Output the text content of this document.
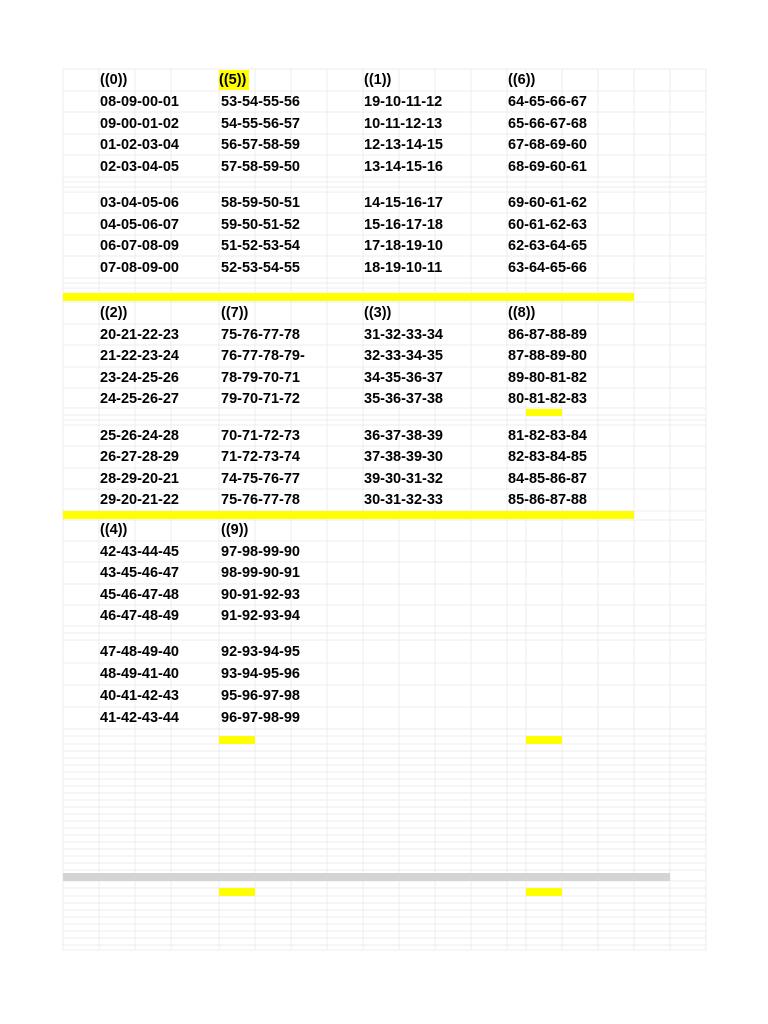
((0))
08-09-00-01
09-00-01-02
01-02-03-04
02-03-04-05
03-04-05-06
04-05-06-07
06-07-08-09
07-08-09-00
((5))
53-54-55-56
54-55-56-57
56-57-58-59
57-58-59-50
58-59-50-51
59-50-51-52
51-52-53-54
52-53-54-55
((1))
19-10-11-12
10-11-12-13
12-13-14-15
13-14-15-16
14-15-16-17
15-16-17-18
17-18-19-10
18-19-10-11
((6))
64-65-66-67
65-66-67-68
67-68-69-60
68-69-60-61
69-60-61-62
60-61-62-63
62-63-64-65
63-64-65-66
((2))
20-21-22-23
21-22-23-24
23-24-25-26
24-25-26-27
25-26-24-28
26-27-28-29
28-29-20-21
29-20-21-22
((7))
75-76-77-78
76-77-78-79-
78-79-70-71
79-70-71-72
70-71-72-73
71-72-73-74
74-75-76-77
75-76-77-78
((3))
31-32-33-34
32-33-34-35
34-35-36-37
35-36-37-38
36-37-38-39
37-38-39-30
39-30-31-32
30-31-32-33
((8))
86-87-88-89
87-88-89-80
89-80-81-82
80-81-82-83
81-82-83-84
82-83-84-85
84-85-86-87
85-86-87-88
((4))
42-43-44-45
43-45-46-47
45-46-47-48
46-47-48-49
47-48-49-40
48-49-41-40
40-41-42-43
41-42-43-44
((9))
97-98-99-90
98-99-90-91
90-91-92-93
91-92-93-94
92-93-94-95
93-94-95-96
95-96-97-98
96-97-98-99
